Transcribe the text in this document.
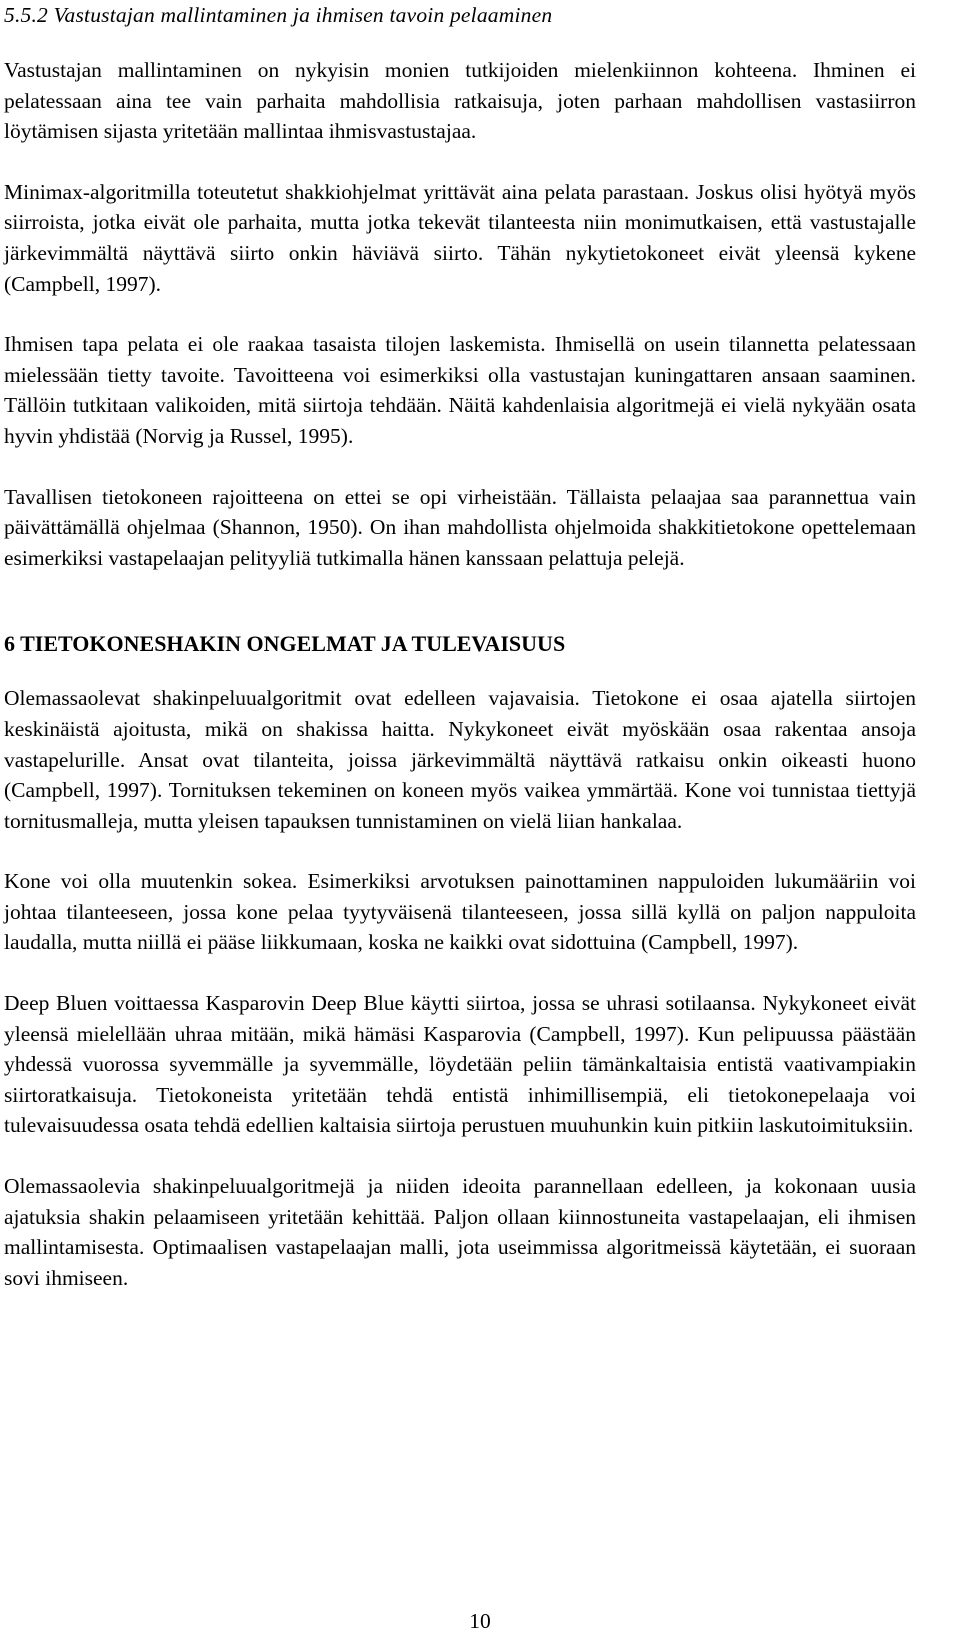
5.5.2 Vastustajan mallintaminen ja ihmisen tavoin pelaaminen

Vastustajan mallintaminen on nykyisin monien tutkijoiden mielenkiinnon kohteena. Ihminen ei pelatessaan aina tee vain parhaita mahdollisia ratkaisuja, joten parhaan mahdollisen vastasiirron löytämisen sijasta yritetään mallintaa ihmisvastustajaa.

Minimax-algoritmilla toteutetut shakkiohjelmat yrittävät aina pelata parastaan. Joskus olisi hyötyä myös siirroista, jotka eivät ole parhaita, mutta jotka tekevät tilanteesta niin monimutkaisen, että vastustajalle järkevimmältä näyttävä siirto onkin häviävä siirto. Tähän nykytietokoneet eivät yleensä kykene (Campbell, 1997).

Ihmisen tapa pelata ei ole raakaa tasaista tilojen laskemista. Ihmisellä on usein tilannetta pelatessaan mielessään tietty tavoite. Tavoitteena voi esimerkiksi olla vastustajan kuningattaren ansaan saaminen. Tällöin tutkitaan valikoiden, mitä siirtoja tehdään. Näitä kahdenlaisia algoritmejä ei vielä nykyään osata hyvin yhdistää (Norvig ja Russel, 1995).

Tavallisen tietokoneen rajoitteena on ettei se opi virheistään. Tällaista pelaajaa saa parannettua vain päivättämällä ohjelmaa (Shannon, 1950). On ihan mahdollista ohjelmoida shakkitietokone opettelemaan esimerkiksi vastapelaajan pelityyliä tutkimalla hänen kanssaan pelattuja pelejä.

6 TIETOKONESHAKIN ONGELMAT JA TULEVAISUUS

Olemassaolevat shakinpeluualgoritmit ovat edelleen vajavaisia. Tietokone ei osaa ajatella siirtojen keskinäistä ajoitusta, mikä on shakissa haitta. Nykykoneet eivät myöskään osaa rakentaa ansoja vastapelurille. Ansat ovat tilanteita, joissa järkevimmältä näyttävä ratkaisu onkin oikeasti huono (Campbell, 1997). Tornituksen tekeminen on koneen myös vaikea ymmärtää. Kone voi tunnistaa tiettyjä tornitusmalleja, mutta yleisen tapauksen tunnistaminen on vielä liian hankalaa.

Kone voi olla muutenkin sokea. Esimerkiksi arvotuksen painottaminen nappuloiden lukumääriin voi johtaa tilanteeseen, jossa kone pelaa tyytyväisenä tilanteeseen, jossa sillä kyllä on paljon nappuloita laudalla, mutta niillä ei pääse liikkumaan, koska ne kaikki ovat sidottuina (Campbell, 1997).

Deep Bluen voittaessa Kasparovin Deep Blue käytti siirtoa, jossa se uhrasi sotilaansa. Nykykoneet eivät yleensä mielellään uhraa mitään, mikä hämäsi Kasparovia (Campbell, 1997). Kun pelipuussa päästään yhdessä vuorossa syvemmälle ja syvemmälle, löydetään peliin tämänkaltaisia entistä vaativampiakin siirtoratkaisuja. Tietokoneista yritetään tehdä entistä inhimillisempiä, eli tietokonepelaaja voi tulevaisuudessa osata tehdä edellien kaltaisia siirtoja perustuen muuhunkin kuin pitkiin laskutoimituksiin.

Olemassaolevia shakinpeluualgoritmejä ja niiden ideoita parannellaan edelleen, ja kokonaan uusia ajatuksia shakin pelaamiseen yritetään kehittää. Paljon ollaan kiinnostuneita vastapelaajan, eli ihmisen mallintamisesta. Optimaalisen vastapelaajan malli, jota useimmissa algoritmeissä käytetään, ei suoraan sovi ihmiseen.

10
